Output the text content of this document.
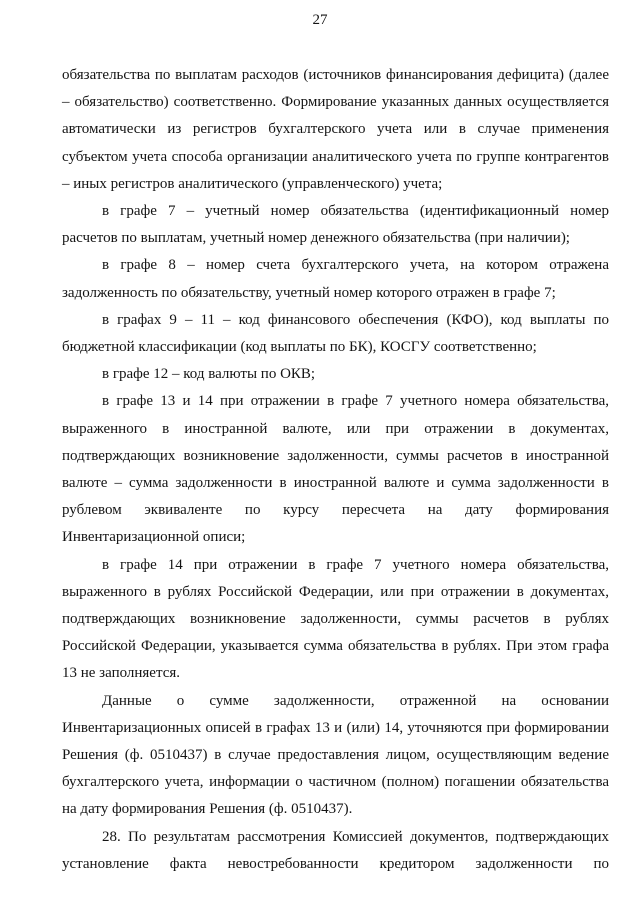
27

обязательства по выплатам расходов (источников финансирования дефицита) (далее – обязательство) соответственно. Формирование указанных данных осуществляется автоматически из регистров бухгалтерского учета или в случае применения субъектом учета способа организации аналитического учета по группе контрагентов – иных регистров аналитического (управленческого) учета;

в графе 7 – учетный номер обязательства (идентификационный номер расчетов по выплатам, учетный номер денежного обязательства (при наличии);

в графе 8 – номер счета бухгалтерского учета, на котором отражена задолженность по обязательству, учетный номер которого отражен в графе 7;

в графах 9 – 11 – код финансового обеспечения (КФО), код выплаты по бюджетной классификации (код выплаты по БК), КОСГУ соответственно;

в графе 12 – код валюты по ОКВ;

в графе 13 и 14 при отражении в графе 7 учетного номера обязательства, выраженного в иностранной валюте, или при отражении в документах, подтверждающих возникновение задолженности, суммы расчетов в иностранной валюте – сумма задолженности в иностранной валюте и сумма задолженности в рублевом эквиваленте по курсу пересчета на дату формирования Инвентаризационной описи;

в графе 14 при отражении в графе 7 учетного номера обязательства, выраженного в рублях Российской Федерации, или при отражении в документах, подтверждающих возникновение задолженности, суммы расчетов в рублях Российской Федерации, указывается сумма обязательства в рублях. При этом графа 13 не заполняется.

Данные о сумме задолженности, отраженной на основании Инвентаризационных описей в графах 13 и (или) 14, уточняются при формировании Решения (ф. 0510437) в случае предоставления лицом, осуществляющим ведение бухгалтерского учета, информации о частичном (полном) погашении обязательства на дату формирования Решения (ф. 0510437).

28. По результатам рассмотрения Комиссией документов, подтверждающих установление факта невостребованности кредитором задолженности по
